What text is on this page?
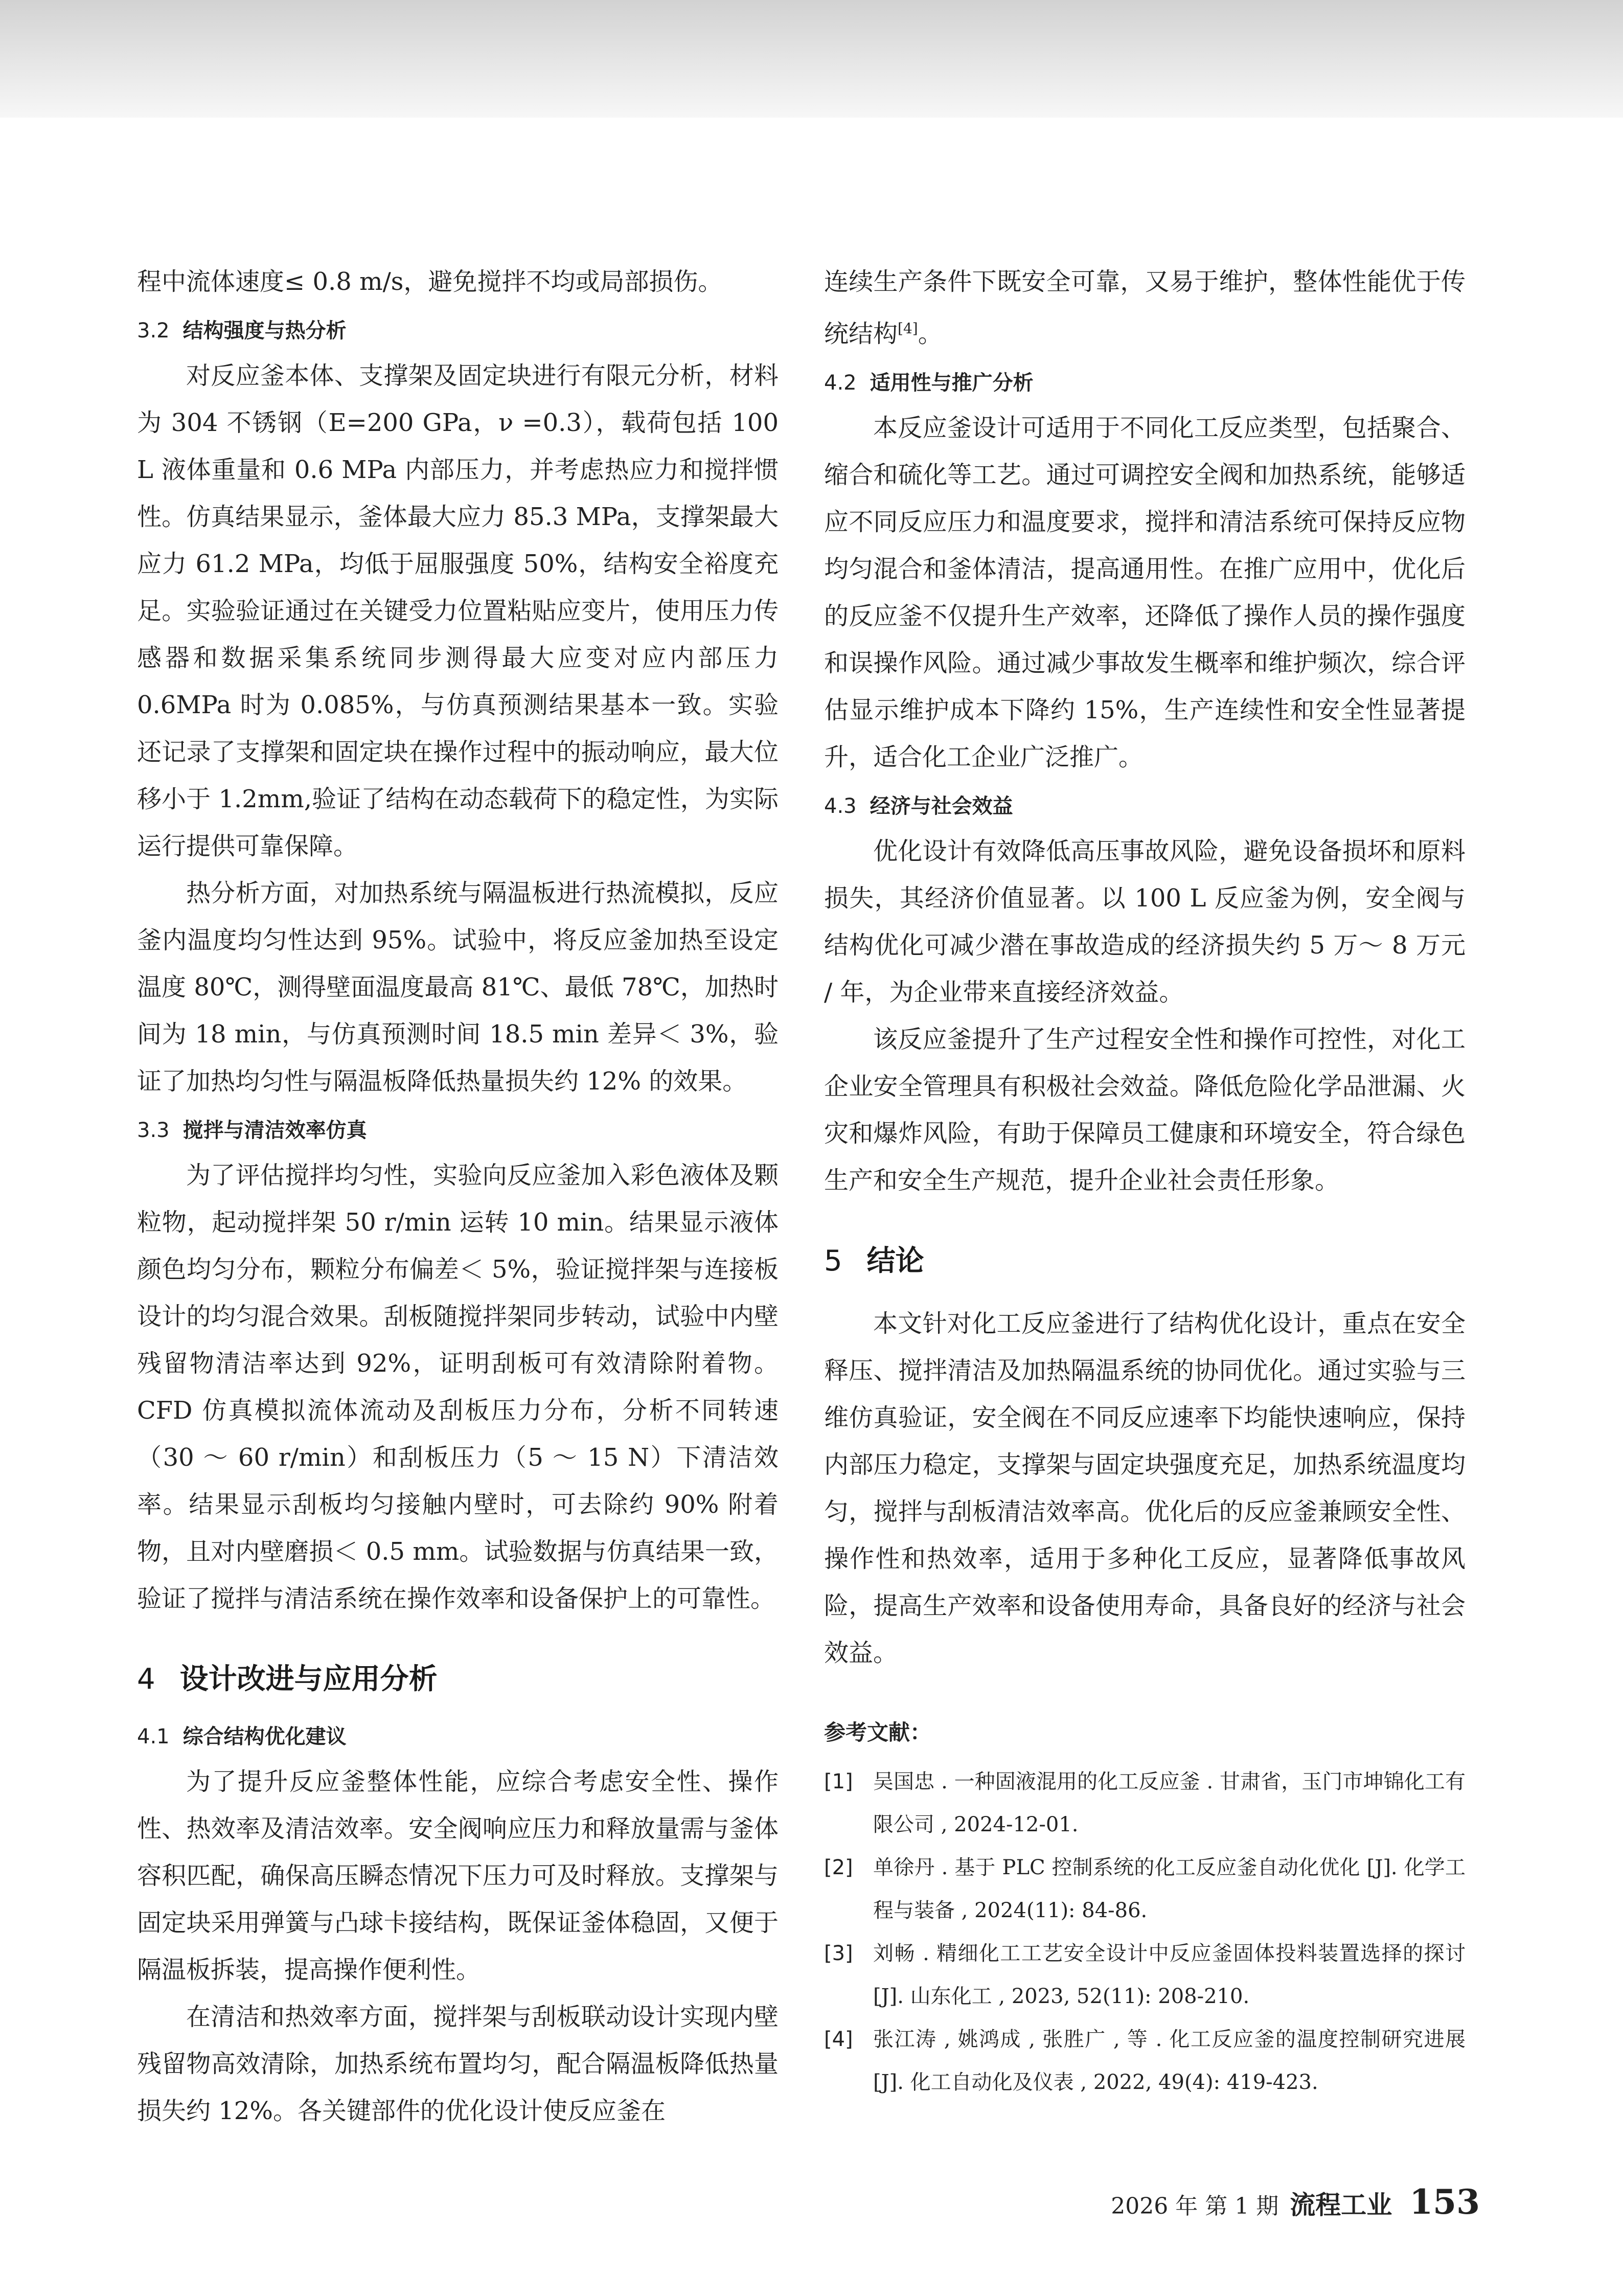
程中流体速度≤ 0.8 m/s，避免搅拌不均或局部损伤。

3.2 结构强度与热分析

对反应釜本体、支撑架及固定块进行有限元分析，材料为 304 不锈钢（E=200 GPa，ν =0.3），载荷包括 100 L 液体重量和 0.6 MPa 内部压力，并考虑热应力和搅拌惯性。仿真结果显示，釜体最大应力 85.3 MPa，支撑架最大应力 61.2 MPa，均低于屈服强度 50%，结构安全裕度充足。实验验证通过在关键受力位置粘贴应变片，使用压力传感器和数据采集系统同步测得最大应变对应内部压力 0.6MPa 时为 0.085%，与仿真预测结果基本一致。实验还记录了支撑架和固定块在操作过程中的振动响应，最大位移小于 1.2mm,验证了结构在动态载荷下的稳定性，为实际运行提供可靠保障。

热分析方面，对加热系统与隔温板进行热流模拟，反应釜内温度均匀性达到 95%。试验中，将反应釜加热至设定温度 80℃，测得壁面温度最高 81℃、最低 78℃，加热时间为 18 min，与仿真预测时间 18.5 min 差异＜ 3%，验证了加热均匀性与隔温板降低热量损失约 12% 的效果。

3.3 搅拌与清洁效率仿真

为了评估搅拌均匀性，实验向反应釜加入彩色液体及颗粒物，起动搅拌架 50 r/min 运转 10 min。结果显示液体颜色均匀分布，颗粒分布偏差＜ 5%，验证搅拌架与连接板设计的均匀混合效果。刮板随搅拌架同步转动，试验中内壁残留物清洁率达到 92%，证明刮板可有效清除附着物。CFD 仿真模拟流体流动及刮板压力分布，分析不同转速（30 ～ 60 r/min）和刮板压力（5 ～ 15 N）下清洁效率。结果显示刮板均匀接触内壁时，可去除约 90% 附着物，且对内壁磨损＜ 0.5 mm。试验数据与仿真结果一致，验证了搅拌与清洁系统在操作效率和设备保护上的可靠性。

4 设计改进与应用分析
4.1 综合结构优化建议

为了提升反应釜整体性能，应综合考虑安全性、操作性、热效率及清洁效率。安全阀响应压力和释放量需与釜体容积匹配，确保高压瞬态情况下压力可及时释放。支撑架与固定块采用弹簧与凸球卡接结构，既保证釜体稳固，又便于隔温板拆装，提高操作便利性。

在清洁和热效率方面，搅拌架与刮板联动设计实现内壁残留物高效清除，加热系统布置均匀，配合隔温板降低热量损失约 12%。各关键部件的优化设计使反应釜在

连续生产条件下既安全可靠，又易于维护，整体性能优于传统结构[4]。

4.2 适用性与推广分析

本反应釜设计可适用于不同化工反应类型，包括聚合、缩合和硫化等工艺。通过可调控安全阀和加热系统，能够适应不同反应压力和温度要求，搅拌和清洁系统可保持反应物均匀混合和釜体清洁，提高通用性。在推广应用中，优化后的反应釜不仅提升生产效率，还降低了操作人员的操作强度和误操作风险。通过减少事故发生概率和维护频次，综合评估显示维护成本下降约 15%，生产连续性和安全性显著提升，适合化工企业广泛推广。

4.3 经济与社会效益

优化设计有效降低高压事故风险，避免设备损坏和原料损失，其经济价值显著。以 100 L 反应釜为例，安全阀与结构优化可减少潜在事故造成的经济损失约 5 万～ 8 万元 / 年，为企业带来直接经济效益。

该反应釜提升了生产过程安全性和操作可控性，对化工企业安全管理具有积极社会效益。降低危险化学品泄漏、火灾和爆炸风险，有助于保障员工健康和环境安全，符合绿色生产和安全生产规范，提升企业社会责任形象。

5 结论

本文针对化工反应釜进行了结构优化设计，重点在安全释压、搅拌清洁及加热隔温系统的协同优化。通过实验与三维仿真验证，安全阀在不同反应速率下均能快速响应，保持内部压力稳定，支撑架与固定块强度充足，加热系统温度均匀，搅拌与刮板清洁效率高。优化后的反应釜兼顾安全性、操作性和热效率，适用于多种化工反应，显著降低事故风险，提高生产效率和设备使用寿命，具备良好的经济与社会效益。

参考文献：
[1] 吴国忠 . 一种固液混用的化工反应釜 . 甘肃省，玉门市坤锦化工有限公司 , 2024-12-01.
[2] 单徐丹 . 基于 PLC 控制系统的化工反应釜自动化优化 [J]. 化学工程与装备 , 2024(11): 84-86.
[3] 刘畅 . 精细化工工艺安全设计中反应釜固体投料装置选择的探讨 [J]. 山东化工 , 2023, 52(11): 208-210.
[4] 张江涛 , 姚鸿成 , 张胜广 , 等 . 化工反应釜的温度控制研究进展 [J]. 化工自动化及仪表 , 2022, 49(4): 419-423.
2026 年 第 1 期 流程工业 153
